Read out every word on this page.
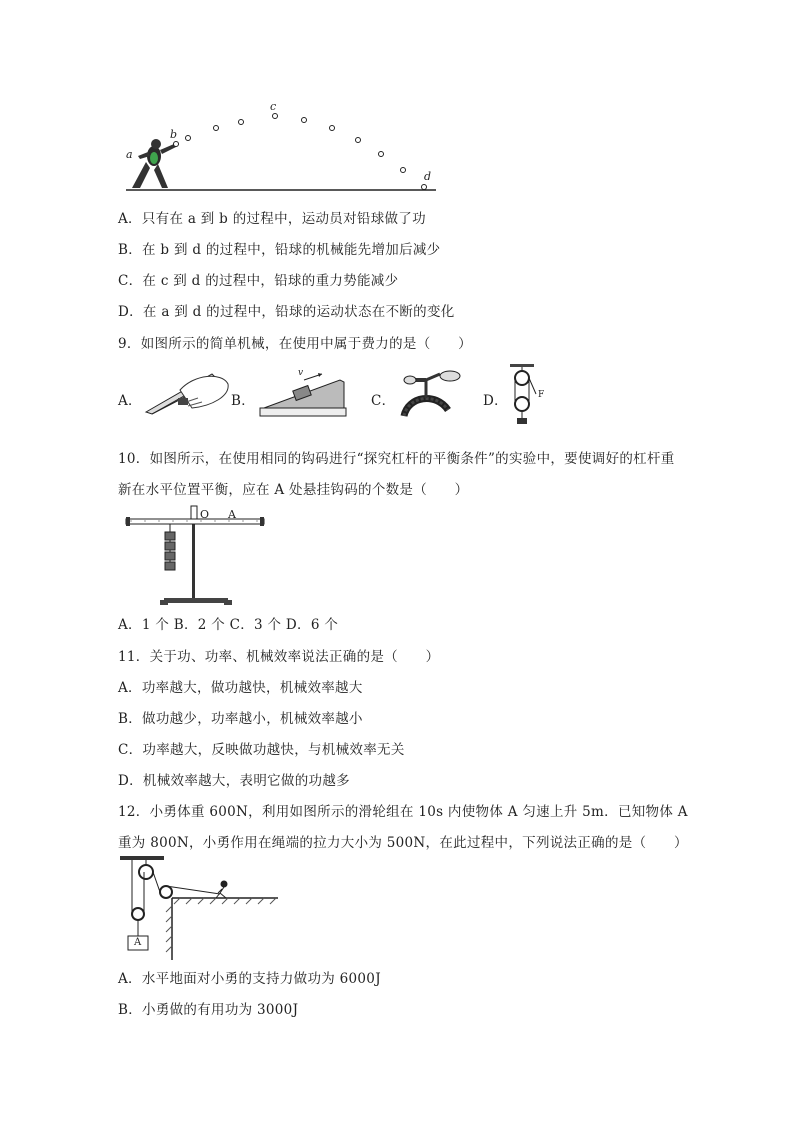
a
b
c
d
A．只有在 a 到 b 的过程中，运动员对铅球做了功
B．在 b 到 d 的过程中，铅球的机械能先增加后减少
C．在 c 到 d 的过程中，铅球的重力势能减少
D．在 a 到 d 的过程中，铅球的运动状态在不断的变化
9．如图所示的简单机械，在使用中属于费力的是（　　）
A．	B．
v
C．	D．	F
10．如图所示，在使用相同的钩码进行“探究杠杆的平衡条件”的实验中，要使调好的杠杆重
新在水平位置平衡，应在 A 处悬挂钩码的个数是（　　）
O A
A．1 个 B．2 个 C．3 个 D．6 个
11．关于功、功率、机械效率说法正确的是（　　）
A．功率越大，做功越快，机械效率越大
B．做功越少，功率越小，机械效率越小
C．功率越大，反映做功越快，与机械效率无关
D．机械效率越大，表明它做的功越多
12．小勇体重 600N，利用如图所示的滑轮组在 10s 内使物体 A 匀速上升 5m．已知物体 A
重为 800N，小勇作用在绳端的拉力大小为 500N，在此过程中，下列说法正确的是（　　）
A
A．水平地面对小勇的支持力做功为 6000J
B．小勇做的有用功为 3000J
